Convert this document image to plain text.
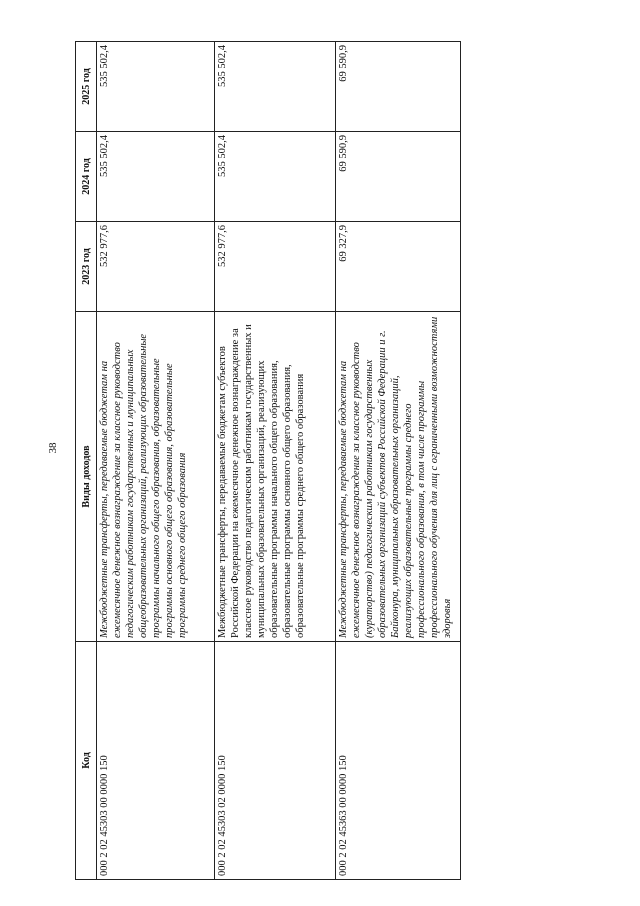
38
Код	Виды доходов	2023 год	2024 год	2025 год
000 2 02 45303 00 0000 150	Межбюджетные трансферты, передаваемые бюджетам на ежемесячное денежное вознаграждение за классное руководство педагогическим работникам государственных и муниципальных общеобразовательных организаций, реализующих образовательные программы начального общего образования, образовательные программы основного общего образования, образовательные программы среднего общего образования	532 977,6	535 502,4	535 502,4
000 2 02 45303 02 0000 150	Межбюджетные трансферты, передаваемые бюджетам субъектов Российской Федерации на ежемесячное денежное вознаграждение за классное руководство педагогическим работникам государственных и муниципальных образовательных организаций, реализующих образовательные программы начального общего образования, образовательные программы основного общего образования, образовательные программы среднего общего образования	532 977,6	535 502,4	535 502,4
000 2 02 45363 00 0000 150	Межбюджетные трансферты, передаваемые бюджетам на ежемесячное денежное вознаграждение за классное руководство (кураторство) педагогическим работникам государственных образовательных организаций субъектов Российской Федерации и г. Байконура, муниципальных образовательных организаций, реализующих образовательные программы среднего профессионального образования, в том числе программы профессионального обучения для лиц с ограниченными возможностями здоровья	69 327,9	69 590,9	69 590,9
